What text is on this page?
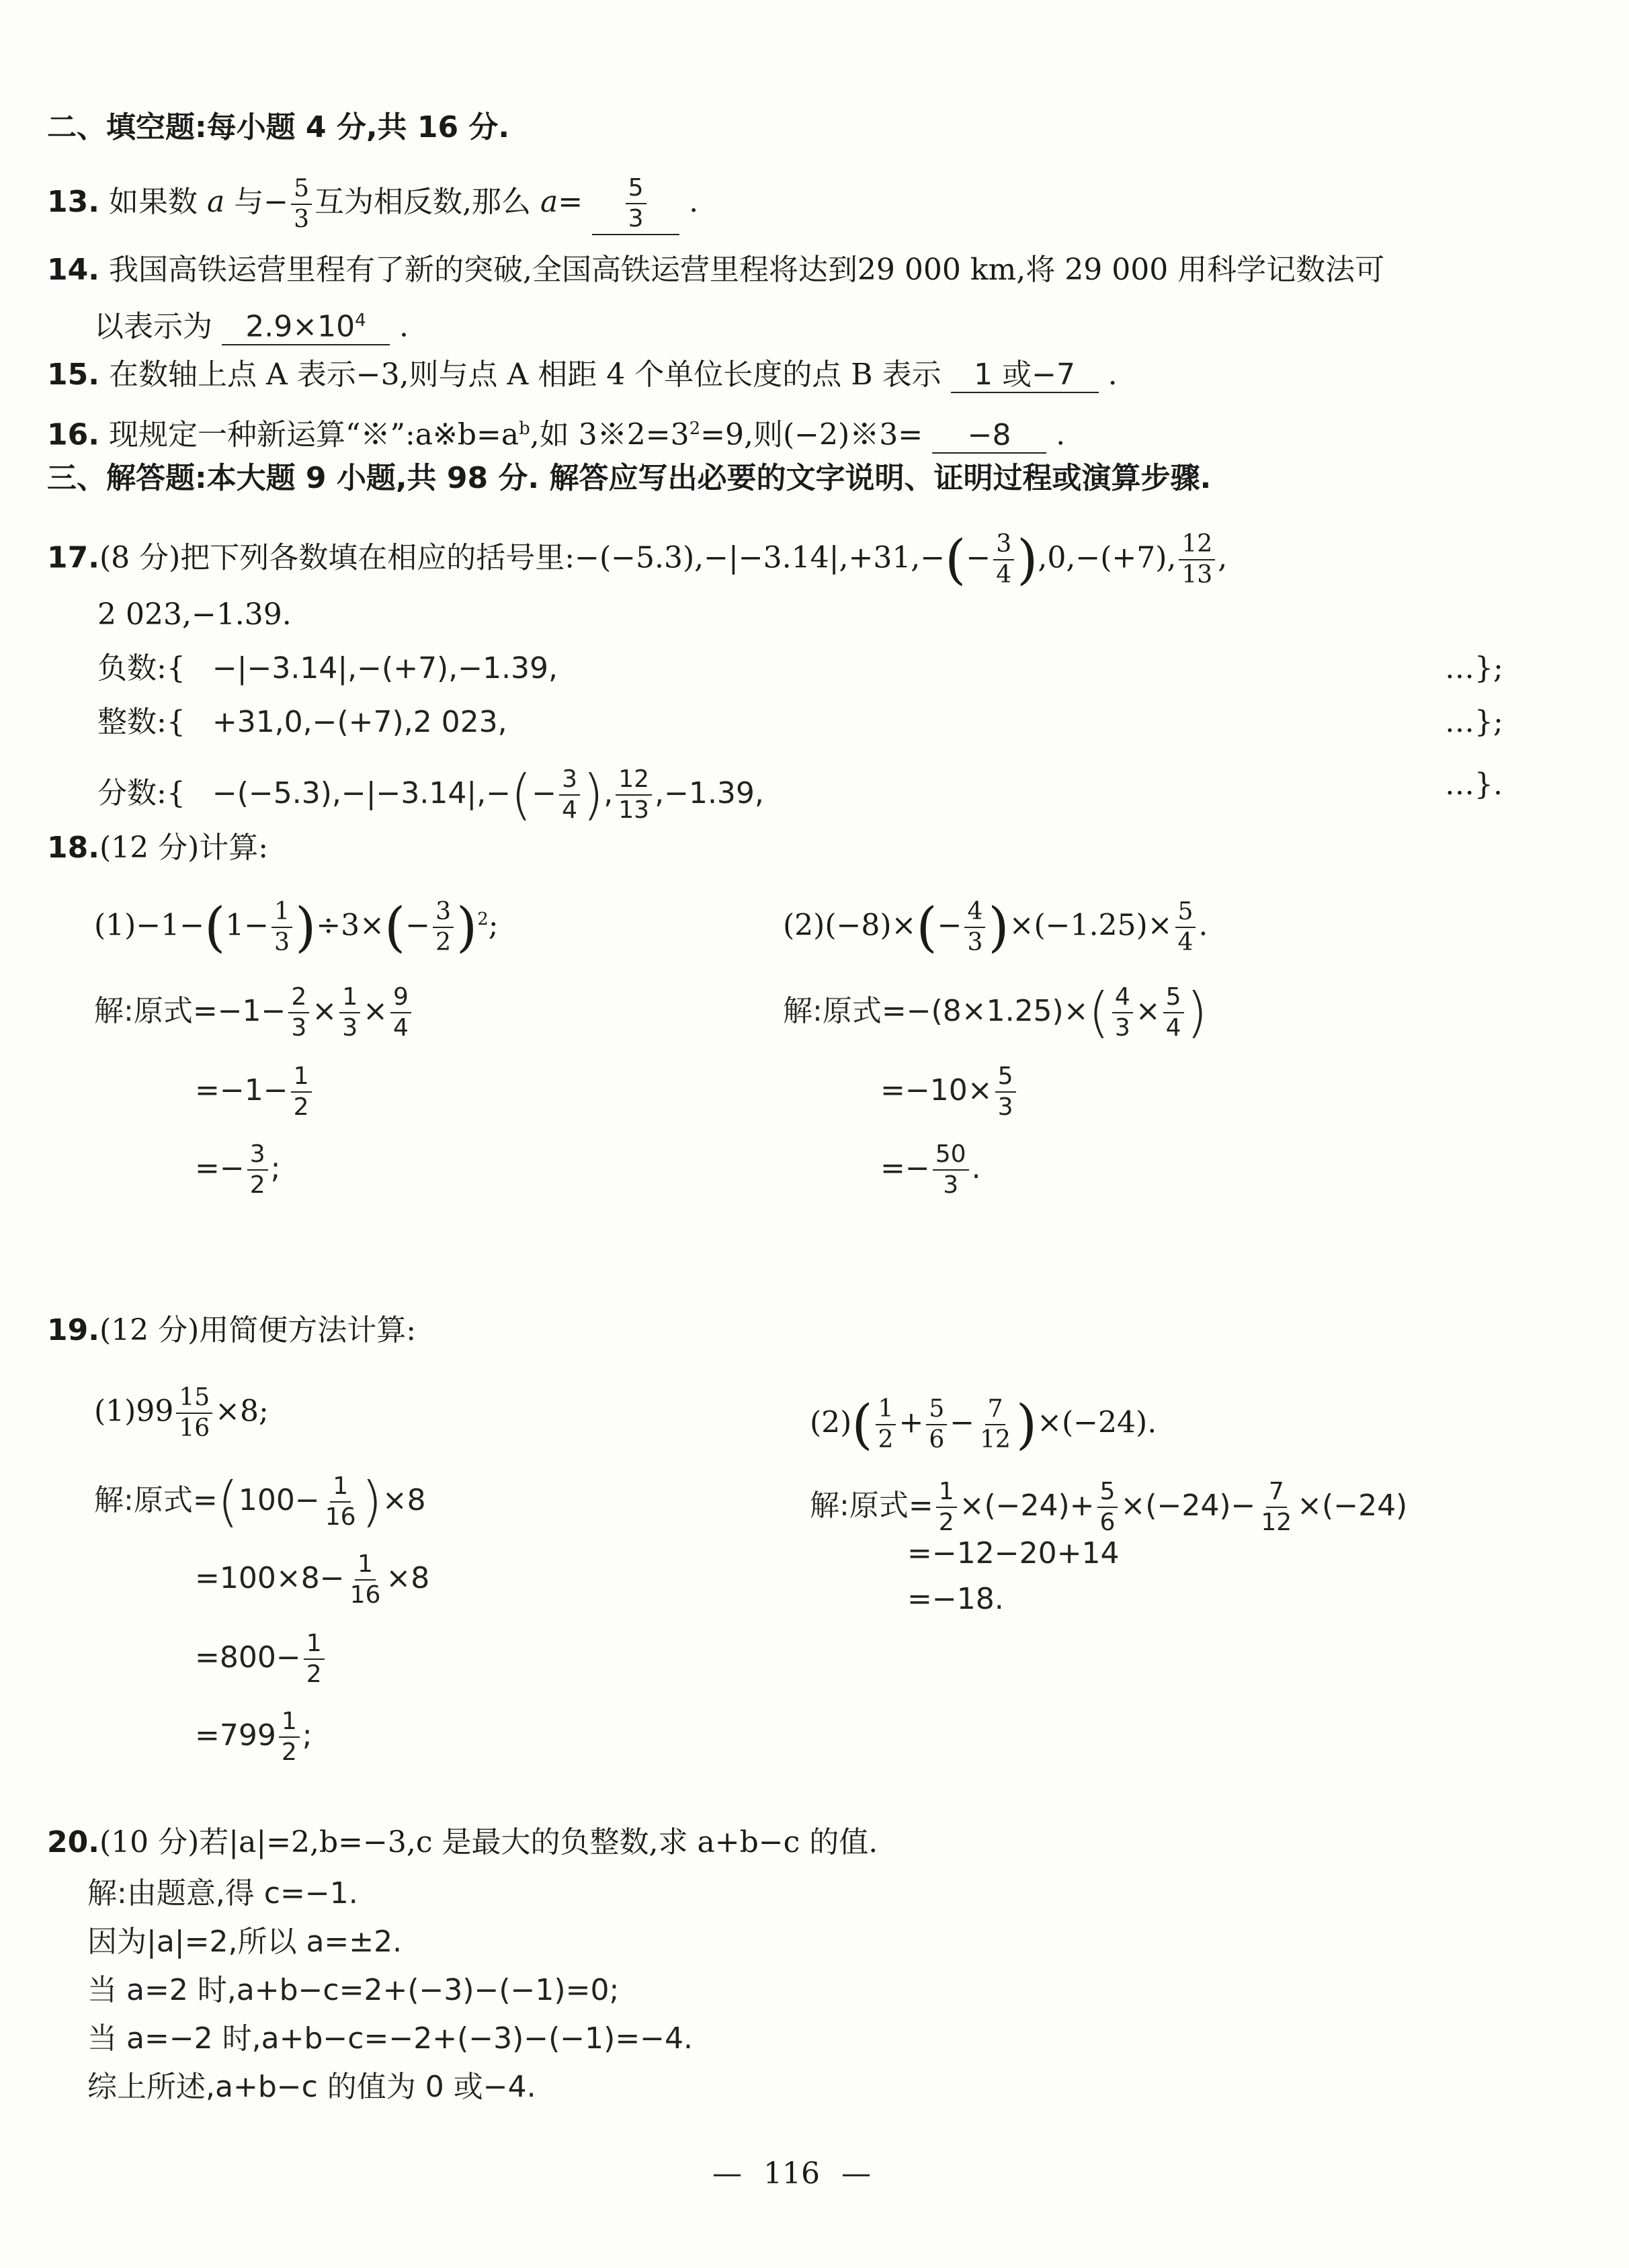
二、填空题:每小题 4 分,共 16 分.
13. 如果数 a 与− $\frac{5}{3}$ 互为相反数,那么 $a= \frac{5}{3}$ .
14. 我国高铁运营里程有了新的突破,全国高铁运营里程将达到29 000 km,将 29 000 用科学记数法可
以表示为 $2.9\times 10^4$ .
15. 在数轴上点 A 表示−3,则与点 A 相距 4 个单位长度的点 B 表示 1 或−7 .
16. 现规定一种新运算“$※”:a※b=a^b$,如 $3※2=3^2=9$,则(−2)※3= −8 .
三、解答题:本大题 9 小题,共 98 分. 解答应写出必要的文字说明、证明过程或演算步骤.
17.(8 分)把下列各数填在相应的括号里:−(−5.3),−|−3.14|,+31,−(− $\frac{3}{4} ),0,-(+7)$, $\frac{12}{13}$ ,
2 023,−1.39.
负数:{ −|−3.14|,−(+7),−1.39,	…};
整数:{ +31,0,−(+7),2 023,	…};
分数:{ $-(-5.3),-|-3.14|,-(- \frac{3}{4}$ ), $\frac{12}{13} ,-1.39$,	…}.
18.(12 分)计算:
$(1)-1-(1- \frac{1}{3} )\div 3\times(- \frac{3}{2} )^2$;
解:原式$=-1- \frac{2}{3} \times \frac{1}{3} \times \frac{9}{4}$
$=-1- \frac{1}{2}$
=− $\frac{3}{2}$ ;
$(2)(-8)\times(- \frac{4}{3} )\times(-1.25)\times \frac{5}{4}$ .
解:原式$=-(8\times 1.25)\times( \frac{4}{3} \times \frac{5}{4}$ )
$=-10\times \frac{5}{3}$
=− $\frac{50}{3}$ .
19.(12 分)用简便方法计算:
$(1)99 \frac{15}{16} \times 8$;
解:原式$=(100- \frac{1}{16} )\times 8$
$=100\times 8- \frac{1}{16} \times 8$
$=800- \frac{1}{2}$
$=799 \frac{1}{2}$ ;
$(2)( \frac{1}{2} + \frac{5}{6} - \frac{7}{12} )\times(-24)$.
解:原式= $\frac{1}{2} \times(-24)+ \frac{5}{6} \times(-24)- \frac{7}{12} \times(-24)$
=−12−20+14
=−18.
20.(10 分)若|a|=2,b=−3,c 是最大的负整数,求 a+b−c 的值.
解:由题意,得 c=−1.
因为|a|=2,所以 a=±2.
当 a=2 时,a+b−c=2+(−3)−(−1)=0;
当 a=−2 时,a+b−c=−2+(−3)−(−1)=−4.
综上所述,a+b−c 的值为 0 或−4.
— 116 —
